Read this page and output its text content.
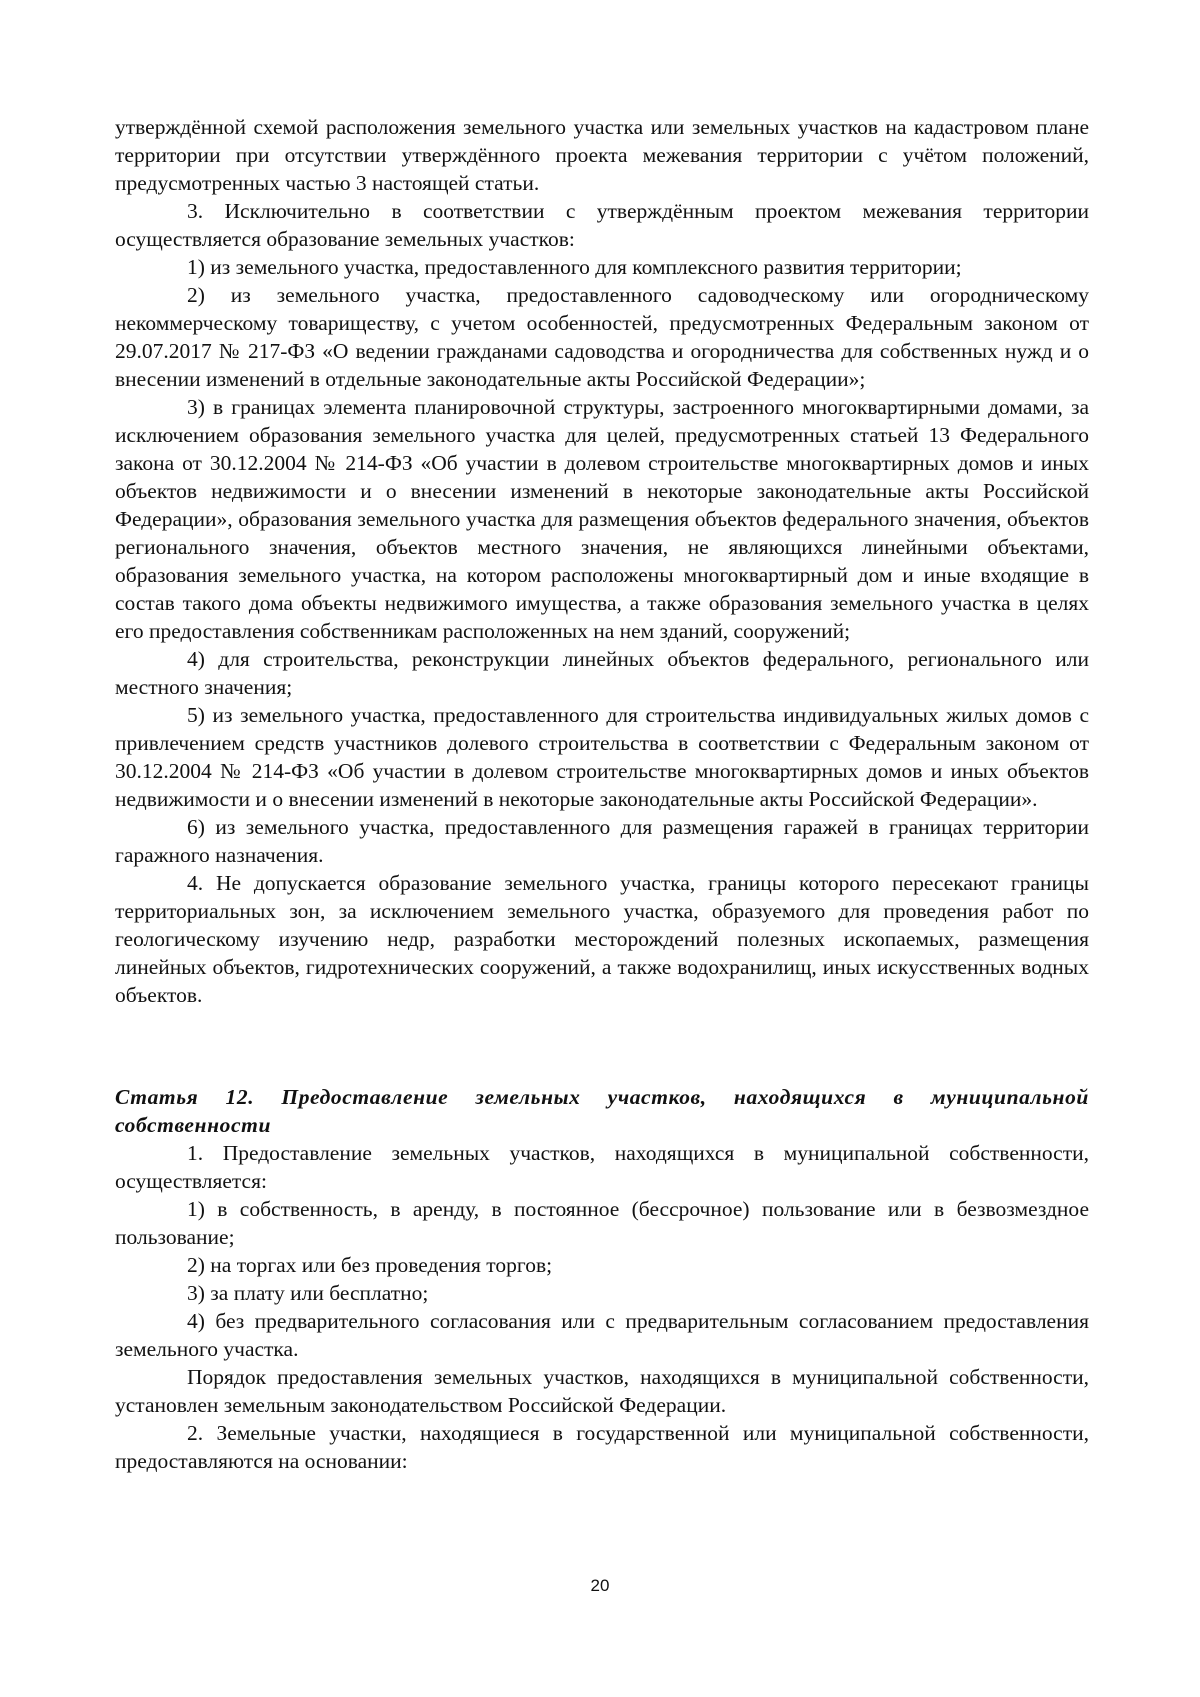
утверждённой схемой расположения земельного участка или земельных участков на кадастровом плане территории при отсутствии утверждённого проекта межевания территории с учётом положений, предусмотренных частью 3 настоящей статьи.

3. Исключительно в соответствии с утверждённым проектом межевания территории осуществляется образование земельных участков:

1) из земельного участка, предоставленного для комплексного развития территории;

2) из земельного участка, предоставленного садоводческому или огородническому некоммерческому товариществу, с учетом особенностей, предусмотренных Федеральным законом от 29.07.2017 № 217-ФЗ «О ведении гражданами садоводства и огородничества для собственных нужд и о внесении изменений в отдельные законодательные акты Российской Федерации»;

3) в границах элемента планировочной структуры, застроенного многоквартирными домами, за исключением образования земельного участка для целей, предусмотренных статьей 13 Федерального закона от 30.12.2004 № 214-ФЗ «Об участии в долевом строительстве многоквартирных домов и иных объектов недвижимости и о внесении изменений в некоторые законодательные акты Российской Федерации», образования земельного участка для размещения объектов федерального значения, объектов регионального значения, объектов местного значения, не являющихся линейными объектами, образования земельного участка, на котором расположены многоквартирный дом и иные входящие в состав такого дома объекты недвижимого имущества, а также образования земельного участка в целях его предоставления собственникам расположенных на нем зданий, сооружений;

4) для строительства, реконструкции линейных объектов федерального, регионального или местного значения;

5) из земельного участка, предоставленного для строительства индивидуальных жилых домов с привлечением средств участников долевого строительства в соответствии с Федеральным законом от 30.12.2004 № 214-ФЗ «Об участии в долевом строительстве многоквартирных домов и иных объектов недвижимости и о внесении изменений в некоторые законодательные акты Российской Федерации».

6) из земельного участка, предоставленного для размещения гаражей в границах территории гаражного назначения.

4. Не допускается образование земельного участка, границы которого пересекают границы территориальных зон, за исключением земельного участка, образуемого для проведения работ по геологическому изучению недр, разработки месторождений полезных ископаемых, размещения линейных объектов, гидротехнических сооружений, а также водохранилищ, иных искусственных водных объектов.

Статья 12. Предоставление земельных участков, находящихся в муниципальной собственности

1. Предоставление земельных участков, находящихся в муниципальной собственности, осуществляется:

1) в собственность, в аренду, в постоянное (бессрочное) пользование или в безвозмездное пользование;

2) на торгах или без проведения торгов;

3) за плату или бесплатно;

4) без предварительного согласования или с предварительным согласованием предоставления земельного участка.

Порядок предоставления земельных участков, находящихся в муниципальной собственности, установлен земельным законодательством Российской Федерации.

2. Земельные участки, находящиеся в государственной или муниципальной собственности, предоставляются на основании:

20
